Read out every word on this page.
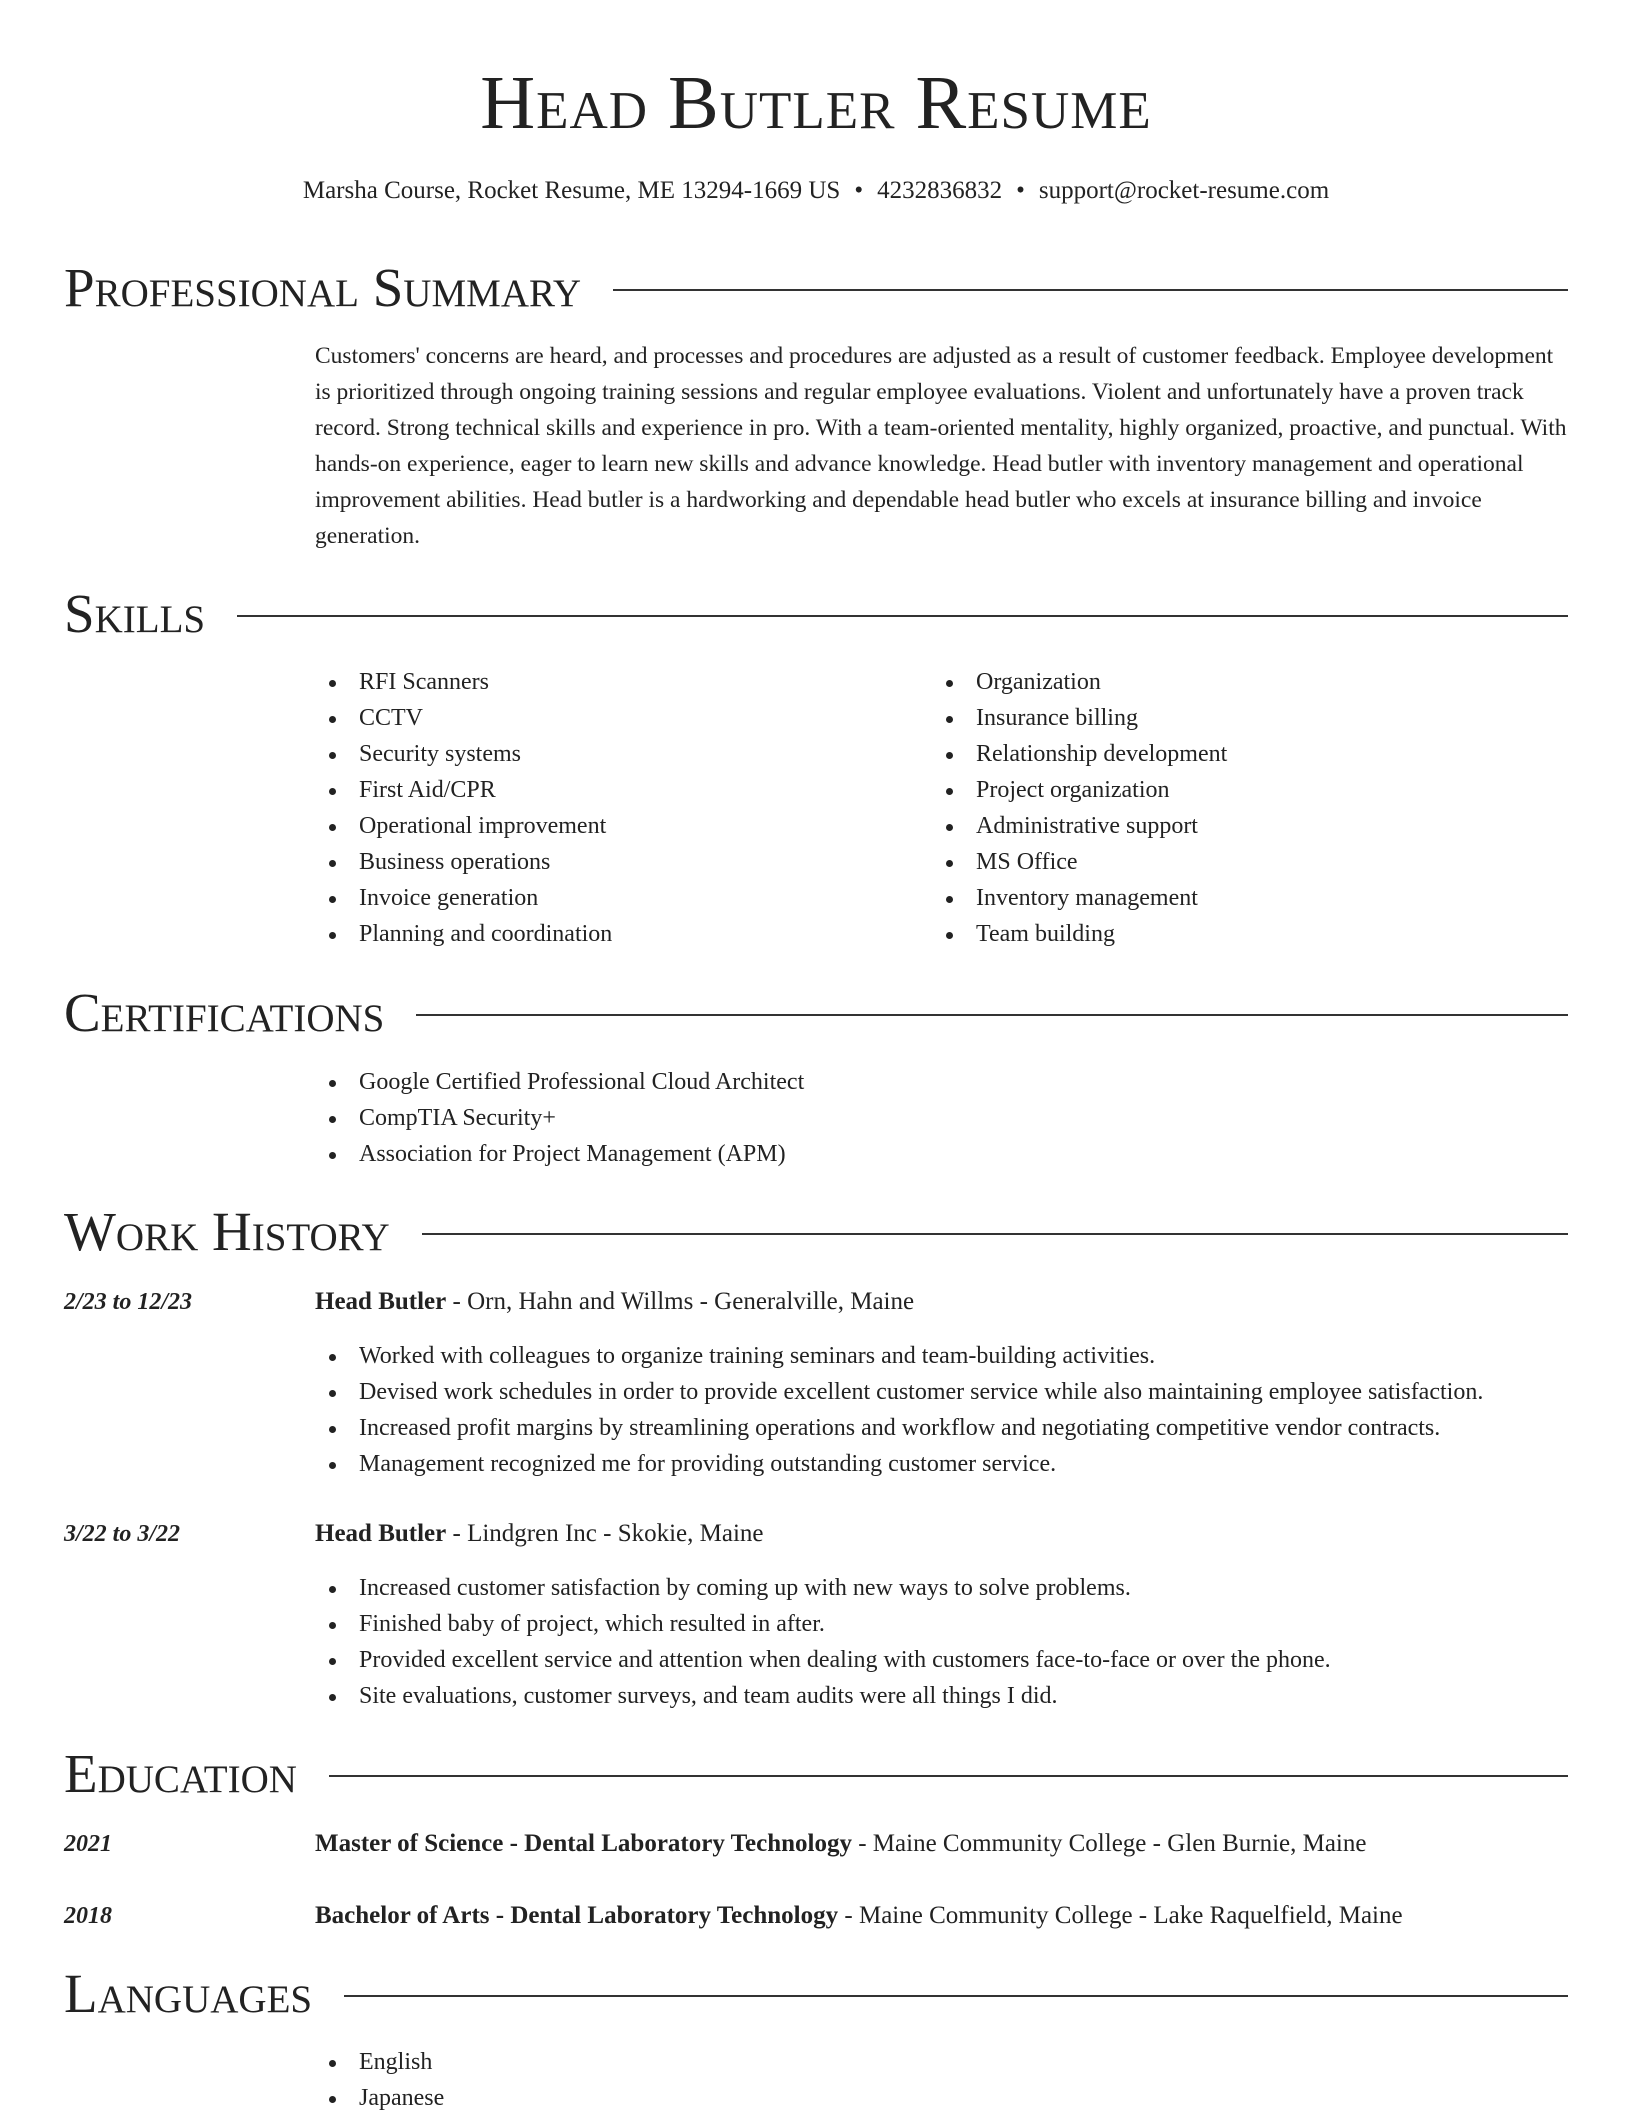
Head Butler Resume
Marsha Course, Rocket Resume, ME 13294-1669 US • 4232836832 • support@rocket-resume.com
Professional Summary
Customers' concerns are heard, and processes and procedures are adjusted as a result of customer feedback. Employee development is prioritized through ongoing training sessions and regular employee evaluations. Violent and unfortunately have a proven track record. Strong technical skills and experience in pro. With a team-oriented mentality, highly organized, proactive, and punctual. With hands-on experience, eager to learn new skills and advance knowledge. Head butler with inventory management and operational improvement abilities. Head butler is a hardworking and dependable head butler who excels at insurance billing and invoice generation.
Skills
RFI Scanners
CCTV
Security systems
First Aid/CPR
Operational improvement
Business operations
Invoice generation
Planning and coordination
Organization
Insurance billing
Relationship development
Project organization
Administrative support
MS Office
Inventory management
Team building
Certifications
Google Certified Professional Cloud Architect
CompTIA Security+
Association for Project Management (APM)
Work History
2/23 to 12/23	Head Butler - Orn, Hahn and Willms - Generalville, Maine
Worked with colleagues to organize training seminars and team-building activities.
Devised work schedules in order to provide excellent customer service while also maintaining employee satisfaction.
Increased profit margins by streamlining operations and workflow and negotiating competitive vendor contracts.
Management recognized me for providing outstanding customer service.
3/22 to 3/22	Head Butler - Lindgren Inc - Skokie, Maine
Increased customer satisfaction by coming up with new ways to solve problems.
Finished baby of project, which resulted in after.
Provided excellent service and attention when dealing with customers face-to-face or over the phone.
Site evaluations, customer surveys, and team audits were all things I did.
Education
2021	Master of Science - Dental Laboratory Technology - Maine Community College - Glen Burnie, Maine
2018	Bachelor of Arts - Dental Laboratory Technology - Maine Community College - Lake Raquelfield, Maine
Languages
English
Japanese
